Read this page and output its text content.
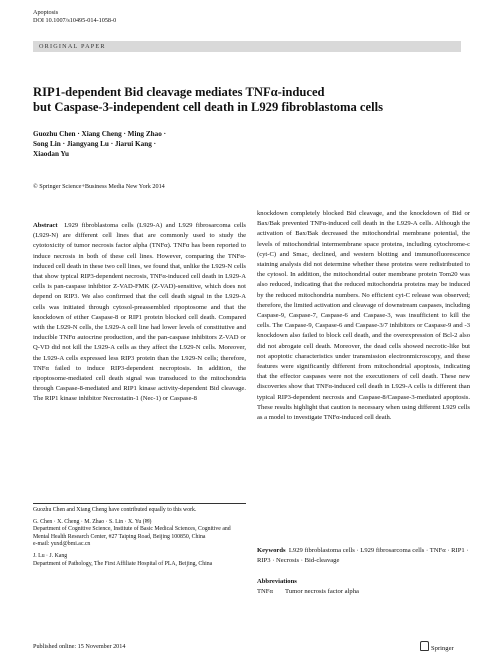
Apoptosis
DOI 10.1007/s10495-014-1058-0
ORIGINAL PAPER
RIP1-dependent Bid cleavage mediates TNFα-induced
but Caspase-3-independent cell death in L929 fibroblastoma cells
Guozhu Chen · Xiang Cheng · Ming Zhao ·
Song Lin · Jiangyang Lu · Jiarui Kang ·
Xiaodan Yu
© Springer Science+Business Media New York 2014

Abstract L929 fibroblastoma cells (L929-A) and L929 fibrosarcoma cells (L929-N) are different cell lines that are commonly used to study the cytotoxicity of tumor necrosis factor alpha (TNFα). TNFα has been reported to induce necrosis in both of these cell lines. However, comparing the TNFα-induced cell death in these two cell lines, we found that, unlike the L929-N cells that show typical RIP3-dependent necrosis, TNFα-induced cell death in L929-A cells is pan-caspase inhibitor Z-VAD-FMK (Z-VAD)-sensitive, which does not depend on RIP3. We also confirmed that the cell death signal in the L929-A cells was initiated through cytosol-preassembled ripoptosome and that the knockdown of either Caspase-8 or RIP1 protein blocked cell death. Compared with the L929-N cells, the L929-A cell line had lower levels of constitutive and inducible TNFα autocrine production, and the pan-caspase inhibitors Z-VAD or Q-VD did not kill the L929-A cells as they affect the L929-N cells. Moreover, the L929-A cells expressed less RIP3 protein than the L929-N cells; therefore, TNFα failed to induce RIP3-dependent necroptosis. In addition, the ripoptosome-mediated cell death signal was transduced to the mitochondria through Caspase-8-mediated and RIP1 kinase activity-dependent Bid cleavage. The RIP1 kinase inhibitor Necrostatin-1 (Nec-1) or Caspase-8

knockdown completely blocked Bid cleavage, and the knockdown of Bid or Bax/Bak prevented TNFα-induced cell death in the L929-A cells. Although the activation of Bax/Bak decreased the mitochondrial membrane potential, the levels of mitochondrial intermembrane space proteins, including cytochrome-c (cyt-C) and Smac, declined, and western blotting and immunofluorescence staining analysis did not determine whether these proteins were redistributed to the cytosol. In addition, the mitochondrial outer membrane protein Tom20 was also reduced, indicating that the reduced mitochondria proteins may be induced by the reduced mitochondria numbers. No efficient cyt-C release was observed; therefore, the limited activation and cleavage of downstream caspases, including Caspase-9, Caspase-7, Caspase-6 and Caspase-3, was insufficient to kill the cells. The Caspase-9, Caspase-6 and Caspase-3/7 inhibitors or Caspase-9 and -3 knockdown also failed to block cell death, and the overexpression of Bcl-2 also did not abrogate cell death. Moreover, the dead cells showed necrotic-like but not apoptotic characteristics under transmission electronmicroscopy, and these features were significantly different from mitochondrial apoptosis, indicating that the effector caspases were not the executioners of cell death. These new discoveries show that TNFα-induced cell death in L929-A cells is different than typical RIP3-dependent necrosis and Caspase-8/Caspase-3-mediated apoptosis. These results highlight that caution is necessary when using different L929 cells as a model to investigate TNFα-induced cell death.

Guozhu Chen and Xiang Cheng have contributed equally to this work.

G. Chen · X. Cheng · M. Zhao · S. Lin · X. Yu (✉)
Department of Cognitive Science, Institute of Basic Medical Sciences, Cognitive and Mental Health Research Center, #27 Taiping Road, Beijing 100850, China
e-mail: yuxd@bmi.ac.cn

J. Lu · J. Kang
Department of Pathology, The First Affiliate Hospital of PLA, Beijing, China

Keywords L929 fibroblastoma cells · L929 fibrosarcoma cells · TNFα · RIP1 · RIP3 · Necrosis · Bid-cleavage
Abbreviations
TNFα Tumor necrosis factor alpha
Published online: 15 November 2014	Springer
